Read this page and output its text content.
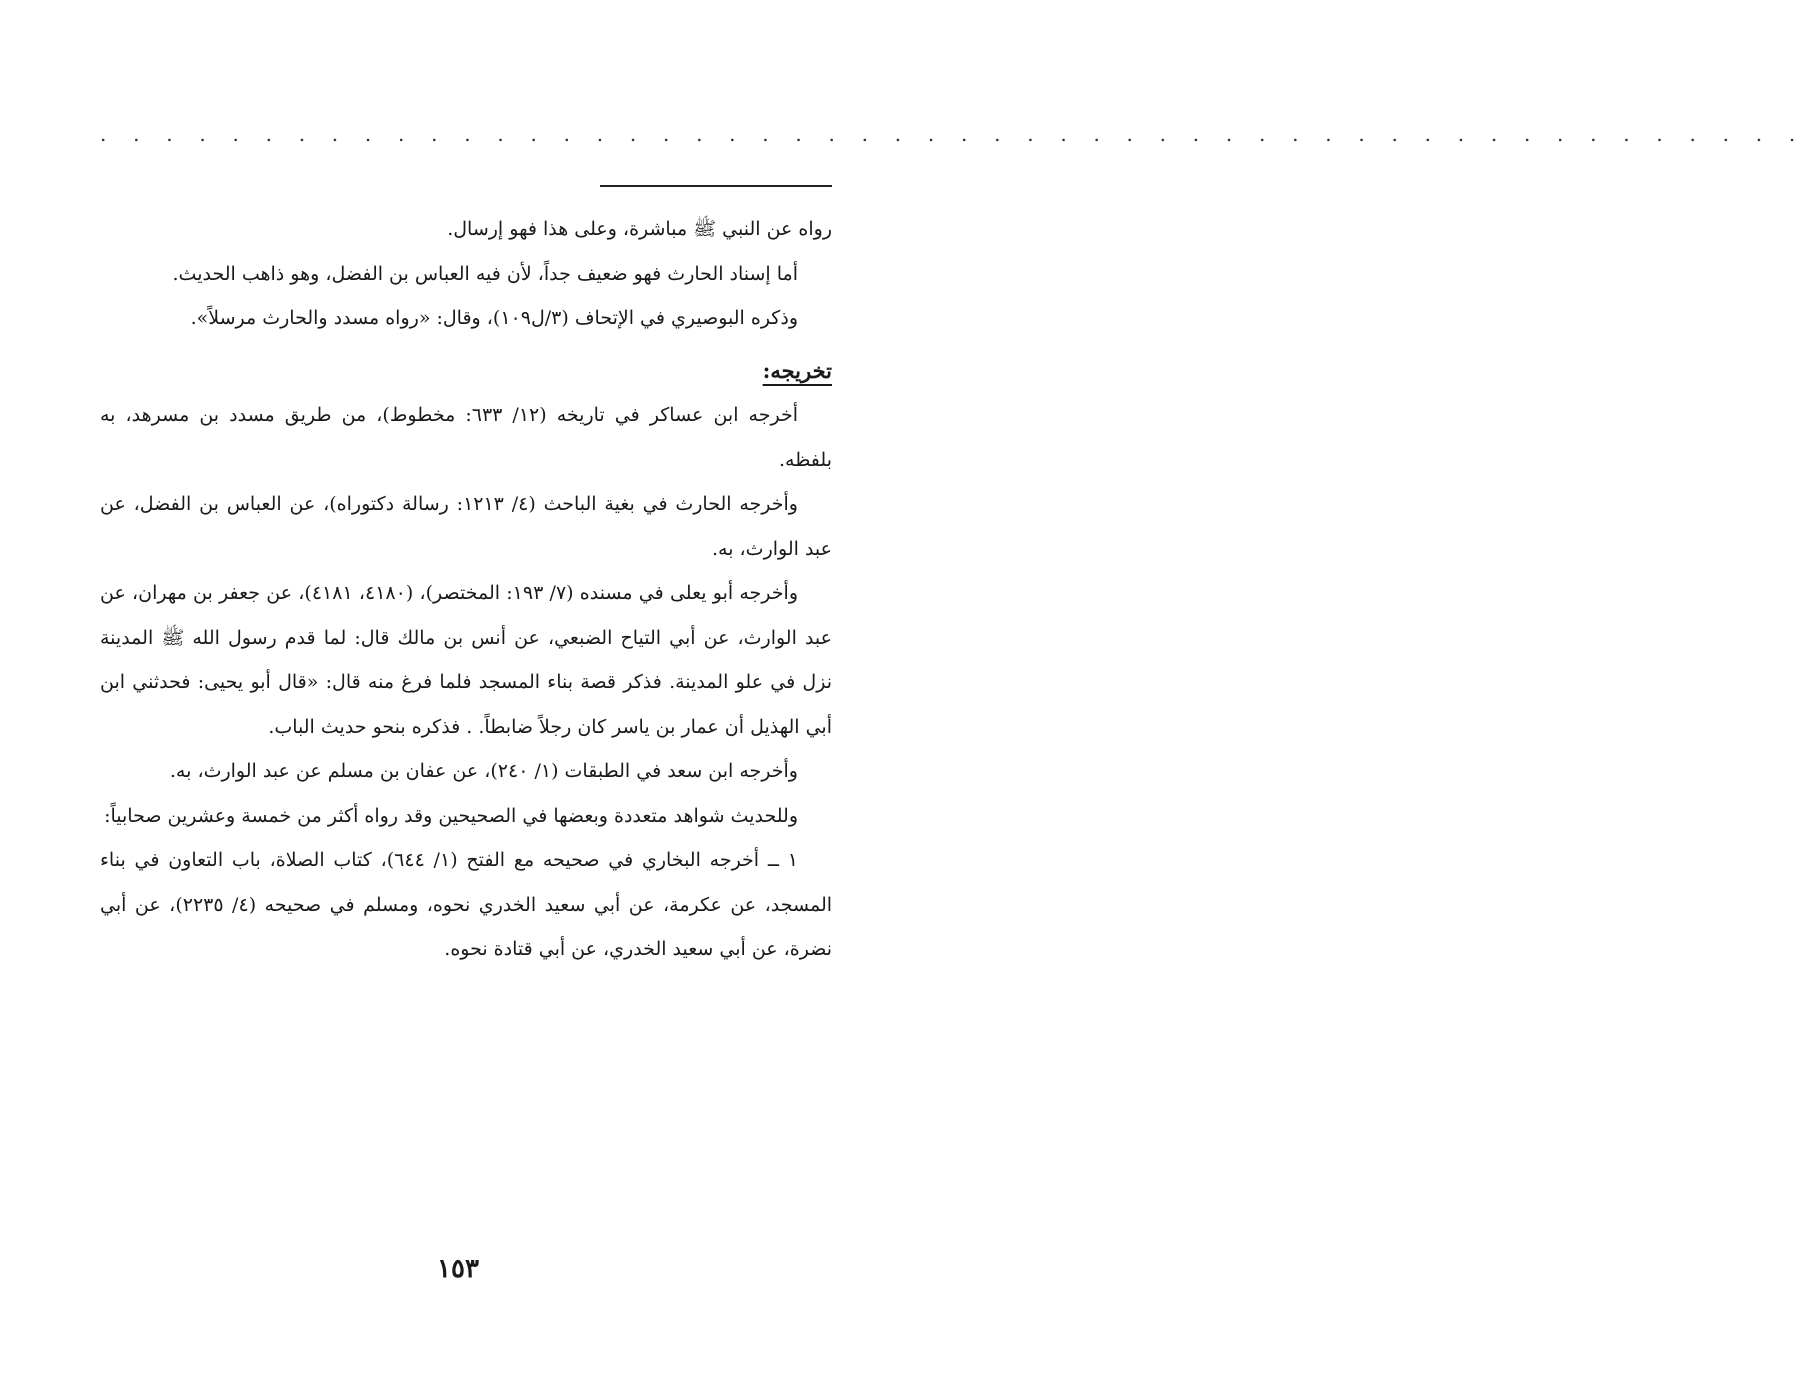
. . . . . . . . . . . . . . . . . . . . . . . . . . . . . . . . . . . . . . . . . . . . . . . . . . . .

رواه عن النبي ﷺ مباشرة، وعلى هذا فهو إرسال.

أما إسناد الحارث فهو ضعيف جداً، لأن فيه العباس بن الفضل، وهو ذاهب الحديث.

وذكره البوصيري في الإتحاف (٣/ل١٠٩)، وقال: «رواه مسدد والحارث مرسلاً».

تخريجه:

أخرجه ابن عساكر في تاريخه (١٢/ ٦٣٣: مخطوط)، من طريق مسدد بن مسرهد، به بلفظه.

وأخرجه الحارث في بغية الباحث (٤/ ١٢١٣: رسالة دكتوراه)، عن العباس بن الفضل، عن عبد الوارث، به.

وأخرجه أبو يعلى في مسنده (٧/ ١٩٣: المختصر)، (٤١٨٠، ٤١٨١)، عن جعفر بن مهران، عن عبد الوارث، عن أبي التياح الضبعي، عن أنس بن مالك قال: لما قدم رسول الله ﷺ المدينة نزل في علو المدينة. فذكر قصة بناء المسجد فلما فرغ منه قال: «قال أبو يحيى: فحدثني ابن أبي الهذيل أن عمار بن ياسر كان رجلاً ضابطاً. . فذكره بنحو حديث الباب.

وأخرجه ابن سعد في الطبقات (١/ ٢٤٠)، عن عفان بن مسلم عن عبد الوارث، به.

وللحديث شواهد متعددة وبعضها في الصحيحين وقد رواه أكثر من خمسة وعشرين صحابياً:

١ ــ أخرجه البخاري في صحيحه مع الفتح (١/ ٦٤٤)، كتاب الصلاة، باب التعاون في بناء المسجد، عن عكرمة، عن أبي سعيد الخدري نحوه، ومسلم في صحيحه (٤/ ٢٢٣٥)، عن أبي نضرة، عن أبي سعيد الخدري، عن أبي قتادة نحوه.

١٥٣
